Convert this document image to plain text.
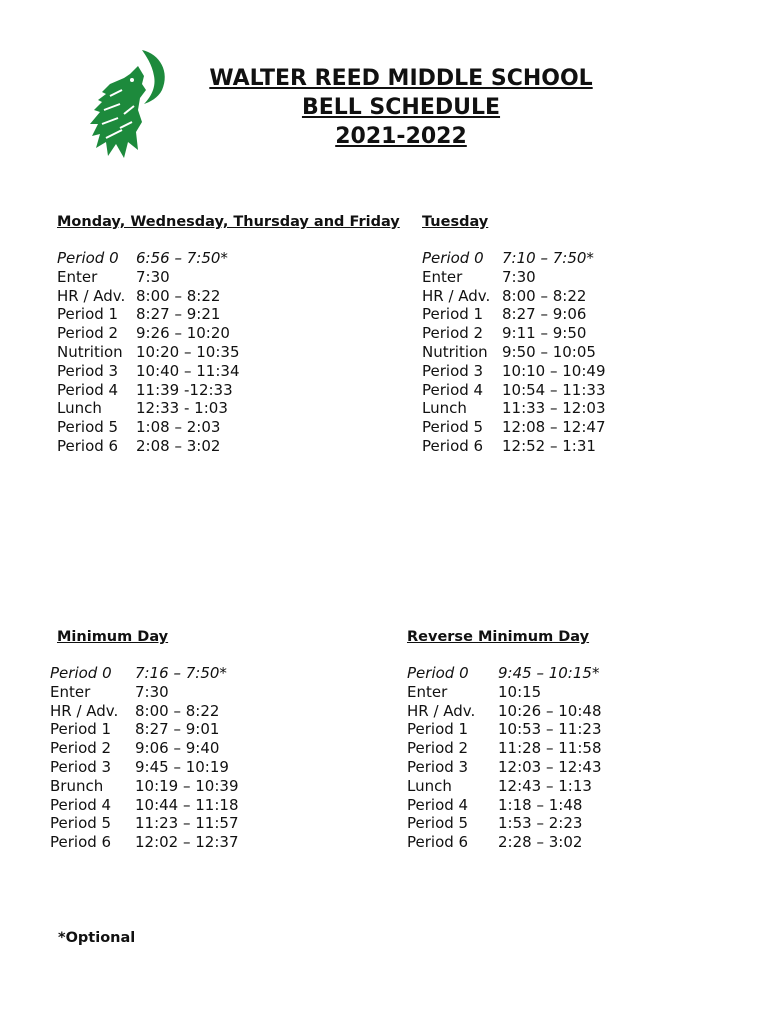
WALTER REED MIDDLE SCHOOL
BELL SCHEDULE
2021-2022
Monday, Wednesday, Thursday and Friday
Period 0	6:56 – 7:50*
Enter	7:30
HR / Adv. 8:00 – 8:22
Period 1	8:27 – 9:21
Period 2	9:26 – 10:20
Nutrition 10:20 – 10:35
Period 3	10:40 – 11:34
Period 4	11:39 -12:33
Lunch	12:33 - 1:03
Period 5	1:08 – 2:03
Period 6	2:08 – 3:02
Tuesday
Period 0	7:10 – 7:50*
Enter	7:30
HR / Adv. 8:00 – 8:22
Period 1	8:27 – 9:06
Period 2	9:11 – 9:50
Nutrition 9:50 – 10:05
Period 3	10:10 – 10:49
Period 4	10:54 – 11:33
Lunch	11:33 – 12:03
Period 5	12:08 – 12:47
Period 6	12:52 – 1:31
Minimum Day
Period 0	7:16 – 7:50*
Enter	7:30
HR / Adv.	8:00 – 8:22
Period 1	8:27 – 9:01
Period 2	9:06 – 9:40
Period 3	9:45 – 10:19
Brunch	10:19 – 10:39
Period 4	10:44 – 11:18
Period 5	11:23 – 11:57
Period 6	12:02 – 12:37
Reverse Minimum Day
Period 0	9:45 – 10:15*
Enter	10:15
HR / Adv.	10:26 – 10:48
Period 1	10:53 – 11:23
Period 2	11:28 – 11:58
Period 3	12:03 – 12:43
Lunch	12:43 – 1:13
Period 4	1:18 – 1:48
Period 5	1:53 – 2:23
Period 6	2:28 – 3:02
*Optional
